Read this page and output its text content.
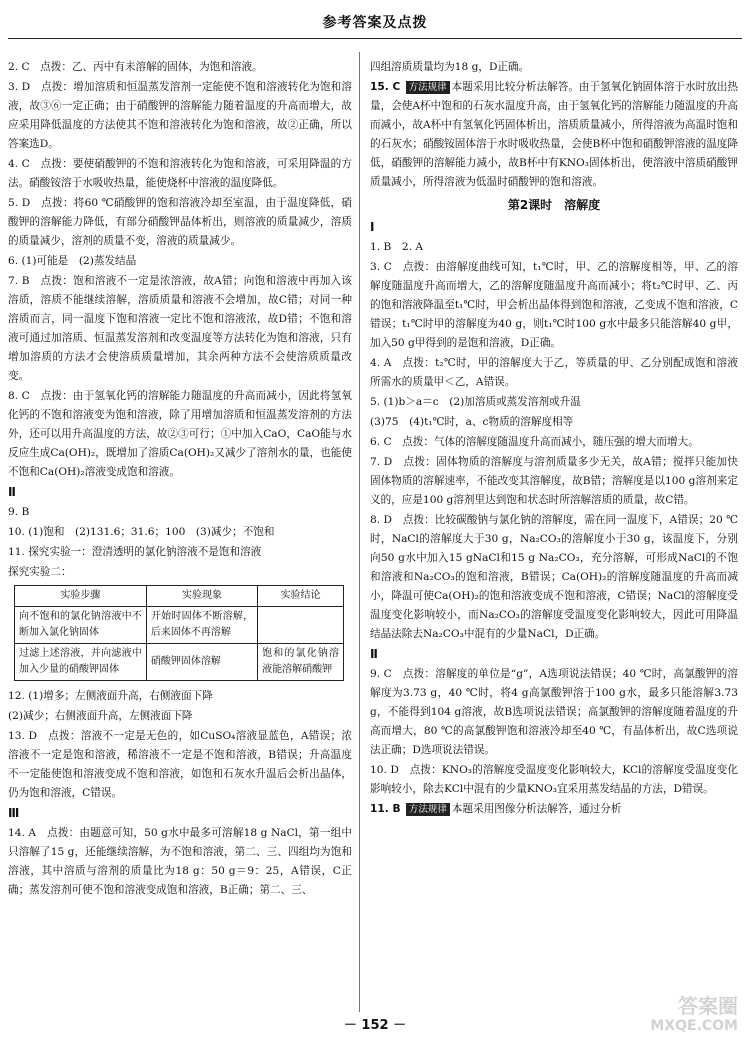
参考答案及点拨
2. C　点拨：乙、丙中有未溶解的固体，为饱和溶液。
3. D　点拨：增加溶质和恒温蒸发溶剂一定能使不饱和溶液转化为饱和溶液，故③⑥一定正确；由于硝酸钾的溶解能力随着温度的升高而增大，故应采用降低温度的方法使其不饱和溶液转化为饱和溶液，故②正确，所以答案选D。
4. C　点拨：要使硝酸钾的不饱和溶液转化为饱和溶液，可采用降温的方法。硝酸铵溶于水吸收热量，能使烧杯中溶液的温度降低。
5. D　点拨：将60 ℃硝酸钾的饱和溶液冷却至室温，由于温度降低，硝酸钾的溶解能力降低，有部分硝酸钾晶体析出，则溶液的质量减少，溶质的质量减少，溶剂的质量不变，溶液的质量减少。
6. (1)可能是　(2)蒸发结晶
7. B　点拨：饱和溶液不一定是浓溶液，故A错；向饱和溶液中再加入该溶质，溶质不能继续溶解，溶质质量和溶液不会增加，故C错；对同一种溶质而言，同一温度下饱和溶液一定比不饱和溶液浓，故D错；不饱和溶液可通过加溶质、恒温蒸发溶剂和改变温度等方法转化为饱和溶液，只有增加溶质的方法才会使溶质质量增加，其余两种方法不会使溶质质量改变。
8. C　点拨：由于氢氧化钙的溶解能力随温度的升高而减小，因此将氢氧化钙的不饱和溶液变为饱和溶液，除了用增加溶质和恒温蒸发溶剂的方法外，还可以用升高温度的方法，故②③可行；①中加入CaO，CaO能与水反应生成Ca(OH)₂，既增加了溶质Ca(OH)₂又减少了溶剂水的量，也能使不饱和Ca(OH)₂溶液变成饱和溶液。
Ⅱ
9. B
10. (1)饱和　(2)131.6；31.6；100　(3)减少；不饱和
11. 探究实验一：澄清透明的氯化钠溶液不是饱和溶液
探究实验二：
实验步骤	实验现象	实验结论
向不饱和的氯化钠溶液中不断加入氯化钠固体	开始时固体不断溶解，后来固体不再溶解	
过滤上述溶液，并向滤液中加入少量的硝酸钾固体	硝酸钾固体溶解	饱和的氯化钠溶液能溶解硝酸钾
12. (1)增多；左侧液面升高，右侧液面下降
(2)减少；右侧液面升高，左侧液面下降
13. D　点拨：溶液不一定是无色的，如CuSO₄溶液显蓝色，A错误；浓溶液不一定是饱和溶液，稀溶液不一定是不饱和溶液，B错误；升高温度不一定能使饱和溶液变成不饱和溶液，如饱和石灰水升温后会析出晶体，仍为饱和溶液，C错误。
Ⅲ
14. A　点拨：由题意可知，50 g水中最多可溶解18 g NaCl，第一组中只溶解了15 g，还能继续溶解，为不饱和溶液，第二、三、四组均为饱和溶液，其中溶质与溶剂的质量比为18 g：50 g＝9：25，A错误，C正确；蒸发溶剂可使不饱和溶液变成饱和溶液，B正确；第二、三、
四组溶质质量均为18 g，D正确。
15. C 方法规律 本题采用比较分析法解答。由于氢氧化钠固体溶于水时放出热量，会使A杯中饱和的石灰水温度升高，由于氢氧化钙的溶解能力随温度的升高而减小，故A杯中有氢氧化钙固体析出，溶质质量减小，所得溶液为高温时饱和的石灰水；硝酸铵固体溶于水时吸收热量，会使B杯中饱和硝酸钾溶液的温度降低，硝酸钾的溶解能力减小，故B杯中有KNO₃固体析出，使溶液中溶质硝酸钾质量减小，所得溶液为低温时硝酸钾的饱和溶液。
第2课时　溶解度
Ⅰ
1. B　2. A
3. C　点拨：由溶解度曲线可知，t₁℃时，甲、乙的溶解度相等，甲、乙的溶解度随温度升高而增大，乙的溶解度随温度升高而减小；将t₂℃时甲、乙、丙的饱和溶液降温至t₁℃时，甲会析出晶体得到饱和溶液，乙变成不饱和溶液，C错误；t₁℃时甲的溶解度为40 g，则t₁℃时100 g水中最多只能溶解40 g甲，加入50 g甲得到的是饱和溶液，D正确。
4. A　点拨：t₂℃时，甲的溶解度大于乙，等质量的甲、乙分别配成饱和溶液所需水的质量甲＜乙，A错误。
5. (1)b＞a＝c　(2)加溶质或蒸发溶剂或升温
(3)75　(4)t₁℃时，a、c物质的溶解度相等
6. C　点拨：气体的溶解度随温度升高而减小，随压强的增大而增大。
7. D　点拨：固体物质的溶解度与溶剂质量多少无关，故A错；搅拌只能加快固体物质的溶解速率，不能改变其溶解度，故B错；溶解度是以100 g溶剂来定义的，应是100 g溶剂里达到饱和状态时所溶解溶质的质量，故C错。
8. D　点拨：比较碳酸钠与氯化钠的溶解度，需在同一温度下，A错误；20 ℃时，NaCl的溶解度大于30 g，Na₂CO₃的溶解度小于30 g，该温度下，分别向50 g水中加入15 gNaCl和15 g Na₂CO₃，充分溶解，可形成NaCl的不饱和溶液和Na₂CO₃的饱和溶液，B错误；Ca(OH)₂的溶解度随温度的升高而减小，降温可使Ca(OH)₂的饱和溶液变成不饱和溶液，C错误；NaCl的溶解度受温度变化影响较小，而Na₂CO₃的溶解度受温度变化影响较大，因此可用降温结晶法除去Na₂CO₃中混有的少量NaCl，D正确。
Ⅱ
9. C　点拨：溶解度的单位是“g”，A选项说法错误；40 ℃时，高氯酸钾的溶解度为3.73 g，40 ℃时，将4 g高氯酸钾溶于100 g水，最多只能溶解3.73 g，不能得到104 g溶液，故B选项说法错误；高氯酸钾的溶解度随着温度的升高而增大，80 ℃的高氯酸钾饱和溶液冷却至40 ℃，有晶体析出，故C选项说法正确；D选项说法错误。
10. D　点拨：KNO₃的溶解度受温度变化影响较大，KCl的溶解度受温度变化影响较小，除去KCl中混有的少量KNO₃宜采用蒸发结晶的方法，D错误。
11. B 方法规律 本题采用图像分析法解答，通过分析
－ 152 －
答案圈
MXQE.COM
